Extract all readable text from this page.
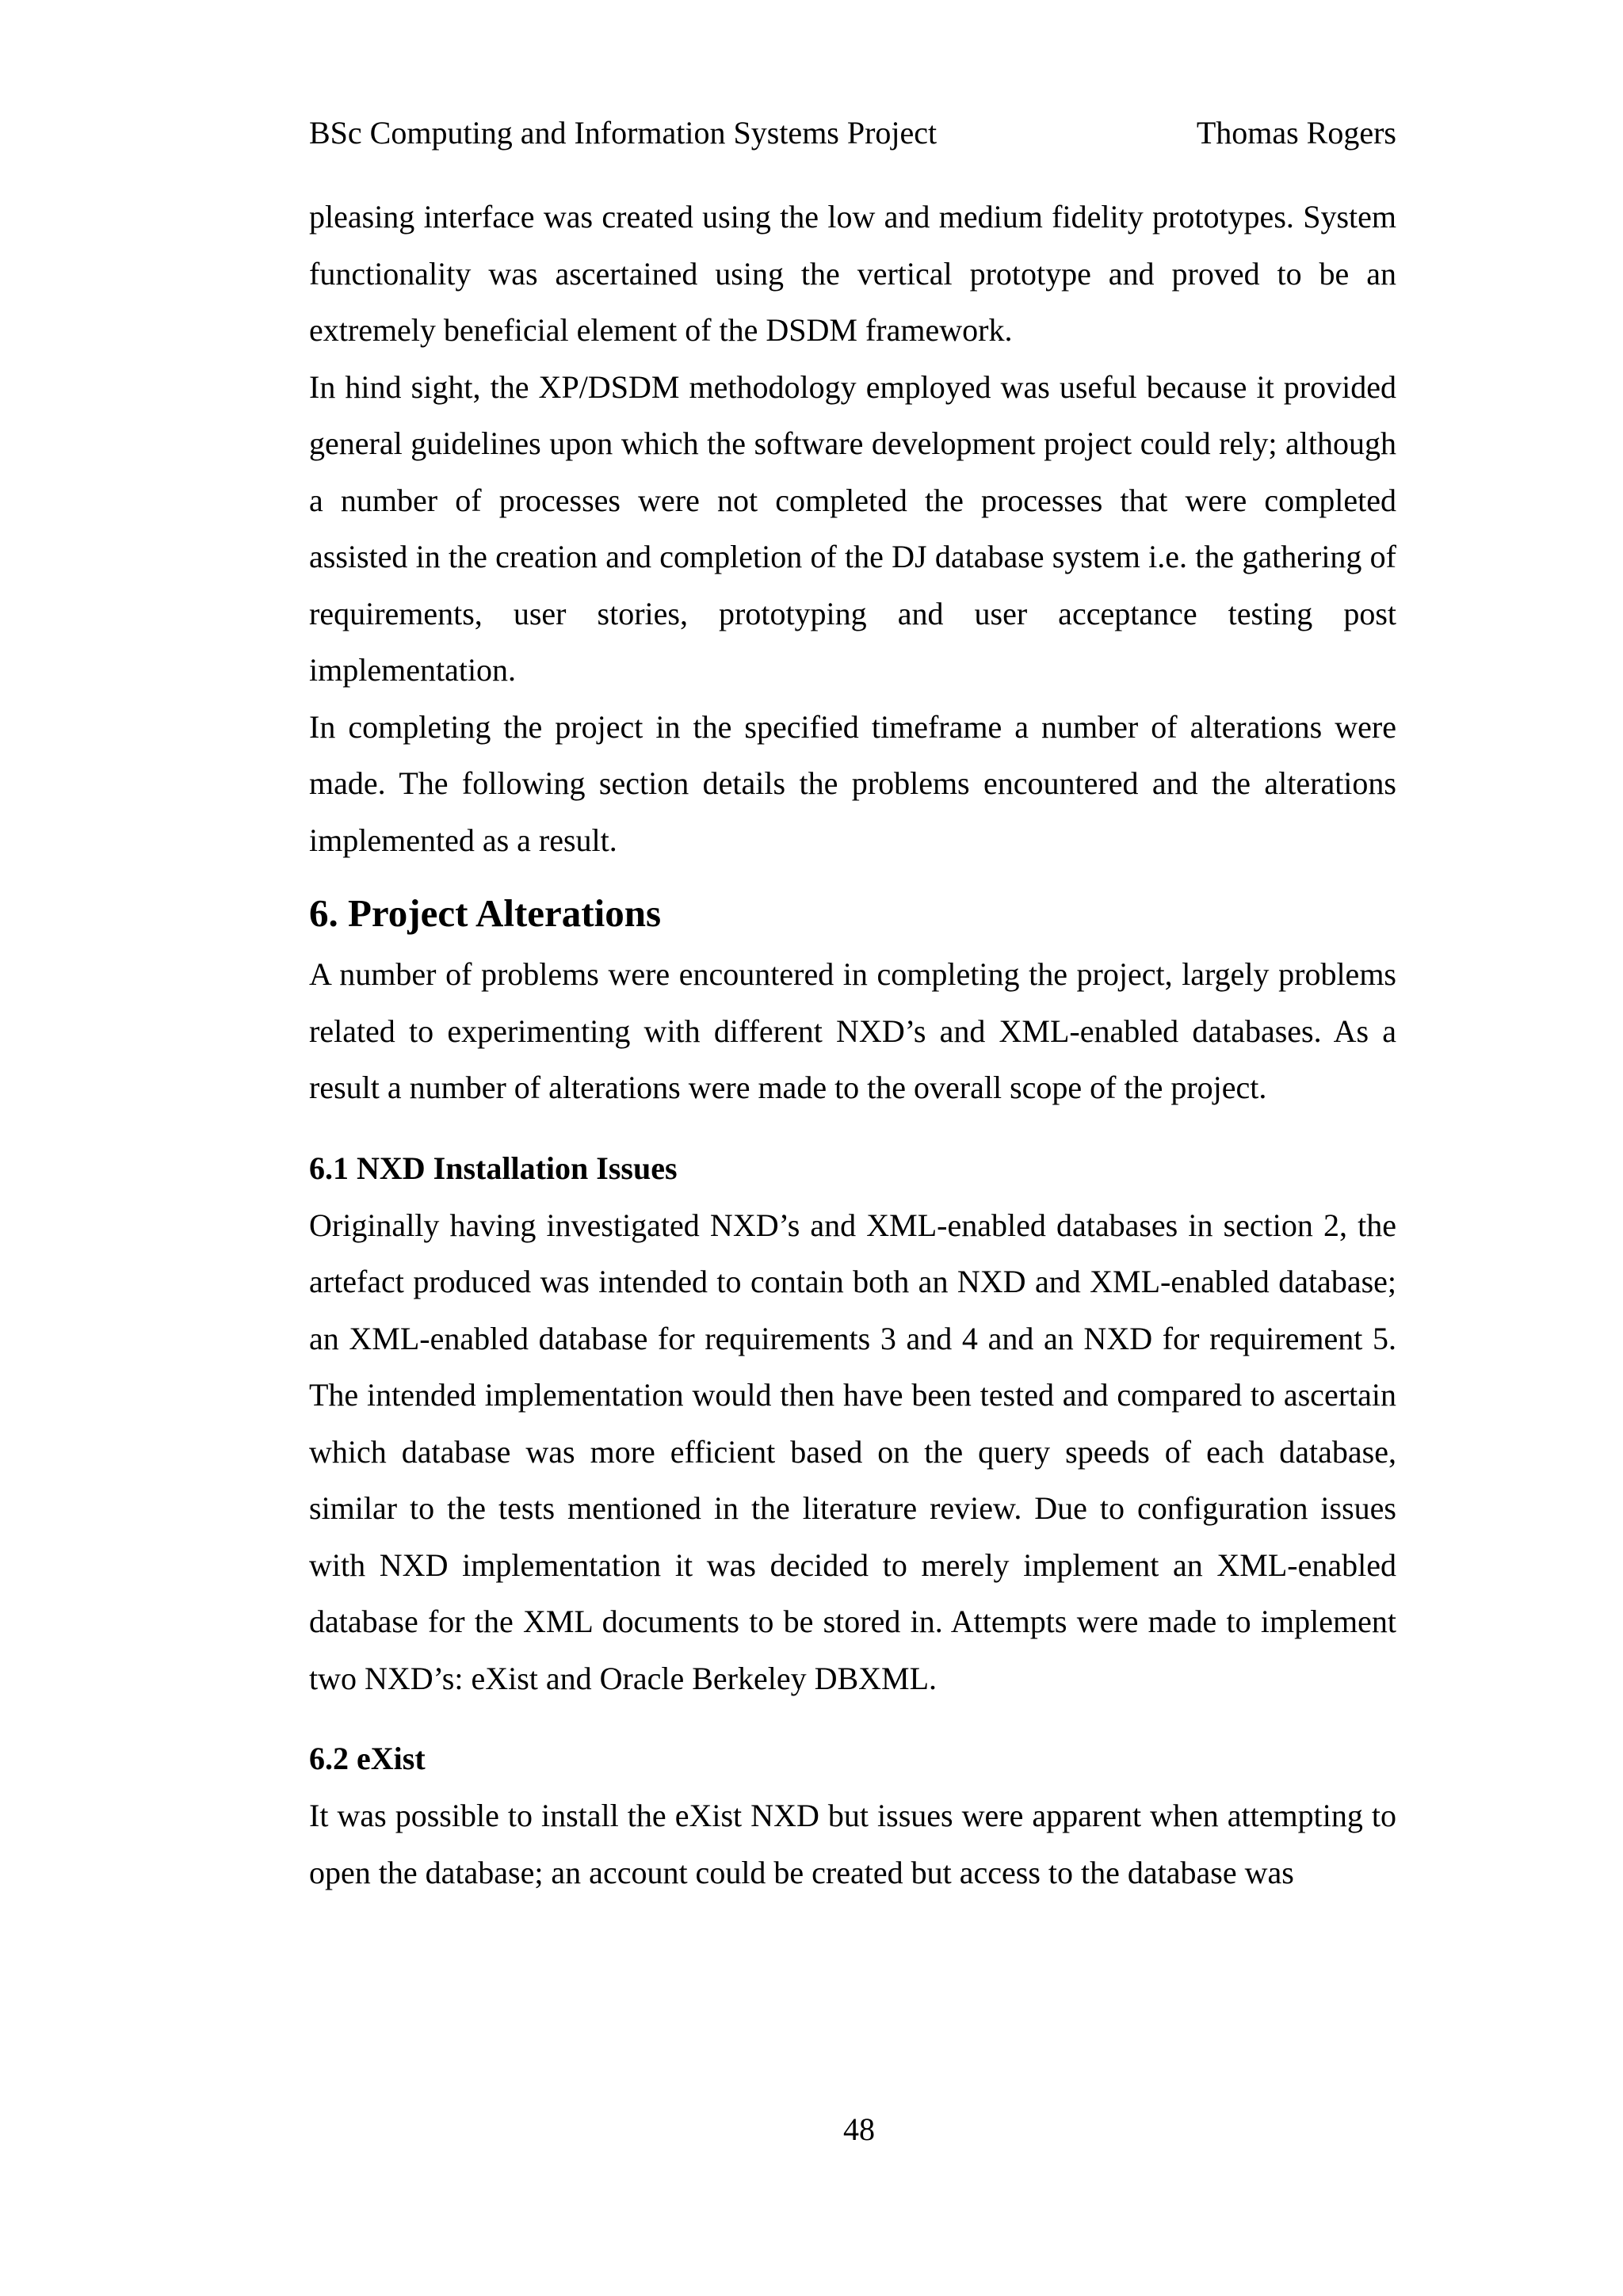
BSc Computing and Information Systems Project	Thomas Rogers

pleasing interface was created using the low and medium fidelity prototypes. System functionality was ascertained using the vertical prototype and proved to be an extremely beneficial element of the DSDM framework.

In hind sight, the XP/DSDM methodology employed was useful because it provided general guidelines upon which the software development project could rely; although a number of processes were not completed the processes that were completed assisted in the creation and completion of the DJ database system i.e. the gathering of requirements, user stories, prototyping and user acceptance testing post implementation.

In completing the project in the specified timeframe a number of alterations were made. The following section details the problems encountered and the alterations implemented as a result.

6. Project Alterations

A number of problems were encountered in completing the project, largely problems related to experimenting with different NXD’s and XML-enabled databases. As a result a number of alterations were made to the overall scope of the project.

6.1 NXD Installation Issues

Originally having investigated NXD’s and XML-enabled databases in section 2, the artefact produced was intended to contain both an NXD and XML-enabled database; an XML-enabled database for requirements 3 and 4 and an NXD for requirement 5. The intended implementation would then have been tested and compared to ascertain which database was more efficient based on the query speeds of each database, similar to the tests mentioned in the literature review. Due to configuration issues with NXD implementation it was decided to merely implement an XML-enabled database for the XML documents to be stored in. Attempts were made to implement two NXD’s: eXist and Oracle Berkeley DBXML.

6.2 eXist

It was possible to install the eXist NXD but issues were apparent when attempting to open the database; an account could be created but access to the database was

48
